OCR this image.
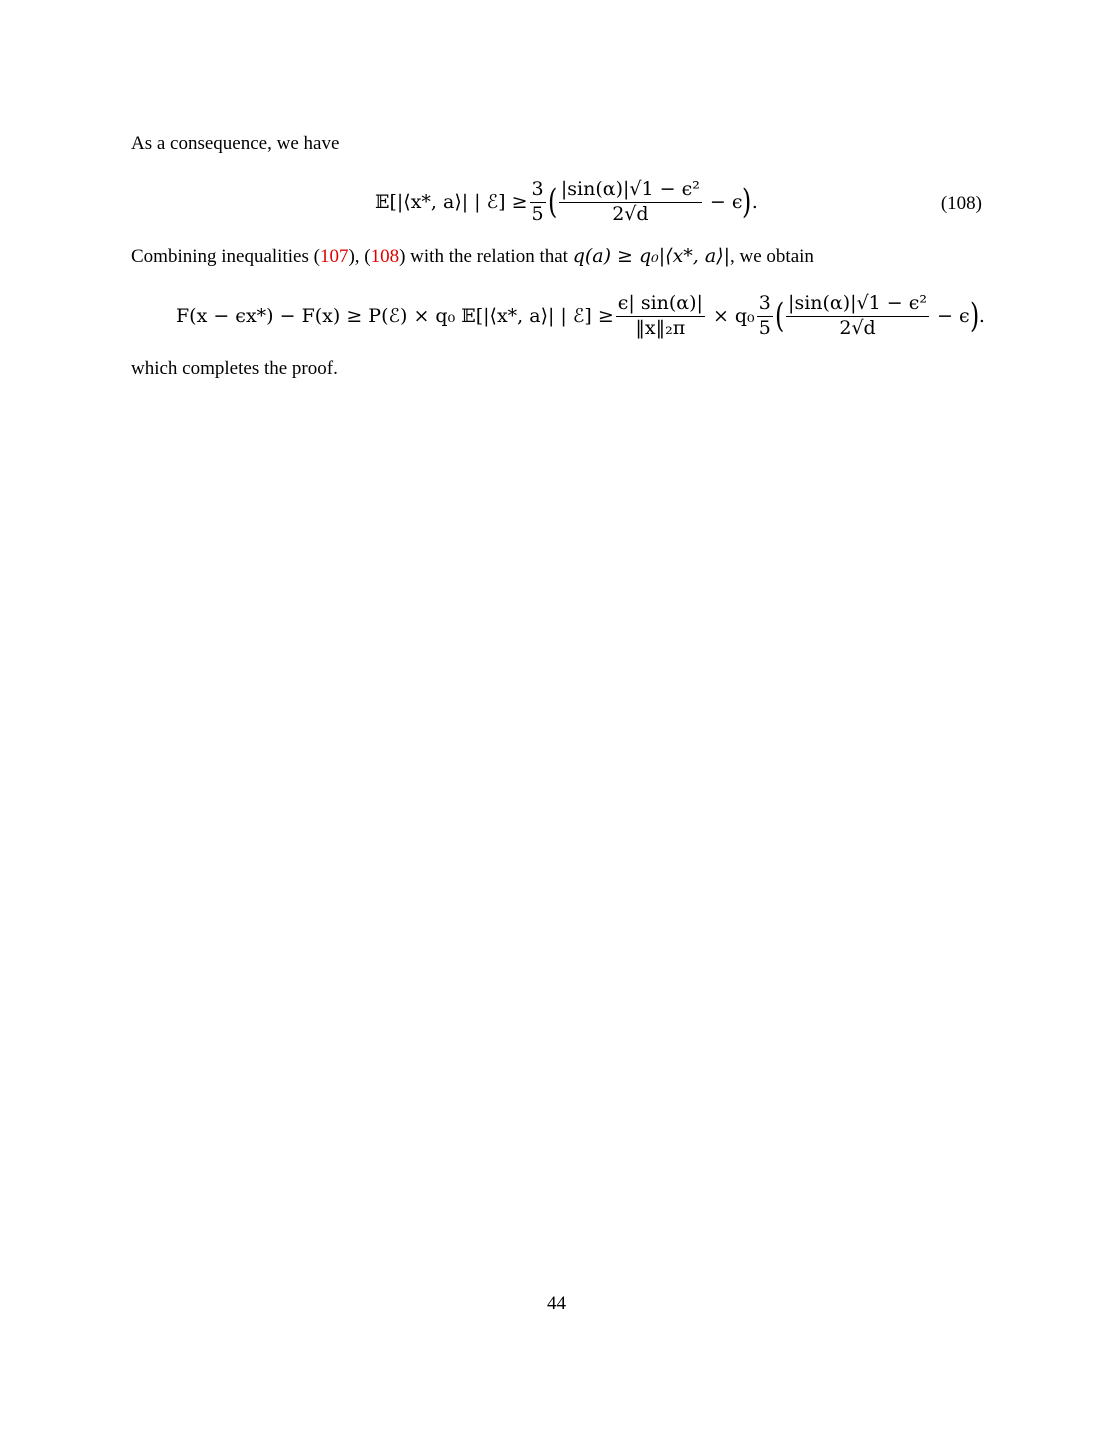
As a consequence, we have
𝔼[|⟨x*, a⟩| | ℰ] ≥ $\frac{3}{5}$ ( $\frac{\text{|sin(α)|√1 − ϵ²}}{2√d} - \epsilon$ ) .	(108)
Combining inequalities (107), (108) with the relation that q(a) ≥ q₀|⟨x*, a⟩|, we obtain
F(x − ϵx*) − F(x) ≥ P(ℰ) × q₀ 𝔼[|⟨x*, a⟩| | ℰ] ≥ $\frac{\epsilon| \sin(\alpha)|}{\text{‖x‖₂π}} \times q_0 \frac{3}{5}$ ( $\frac{\text{|sin(α)|√1 − ϵ²}}{2√d} - \epsilon$ ) .
which completes the proof.
44
